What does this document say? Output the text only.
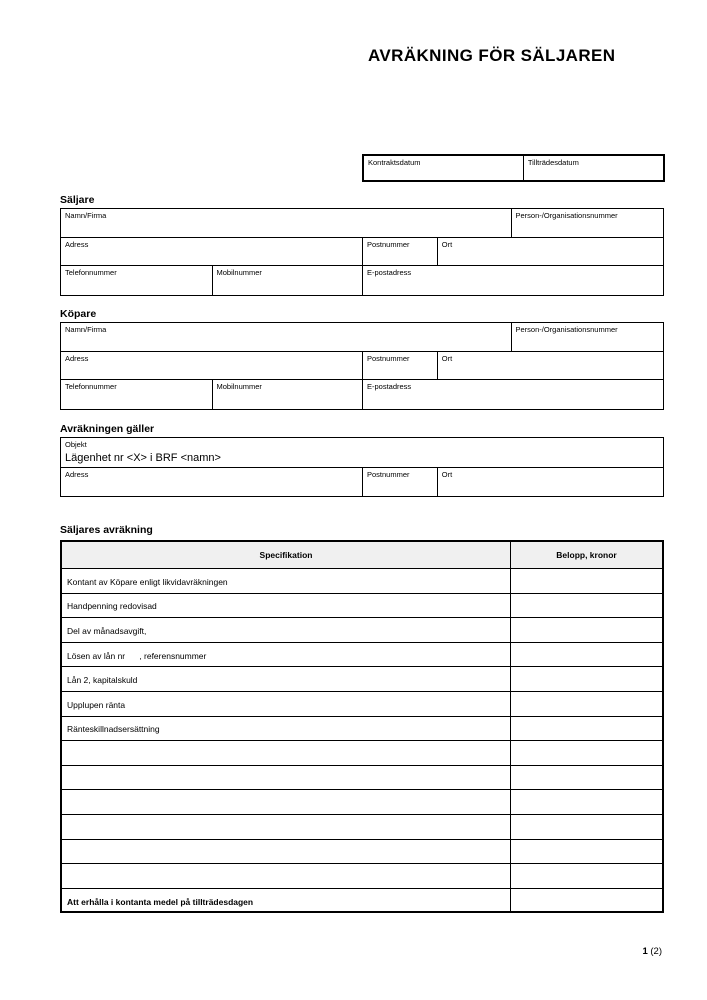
AVRÄKNING FÖR SÄLJAREN
Kontraktsdatum	Tillträdesdatum
Säljare
Namn/Firma	Person-/Organisationsnummer
Adress	Postnummer	Ort
Telefonnummer	Mobilnummer	E-postadress
Köpare
Namn/Firma	Person-/Organisationsnummer
Adress	Postnummer	Ort
Telefonnummer	Mobilnummer	E-postadress
Avräkningen gäller
Objekt
Lägenhet nr <X> i BRF <namn>
Adress	Postnummer	Ort
Säljares avräkning
Specifikation	Belopp, kronor
Kontant av Köpare enligt likvidavräkningen
Handpenning redovisad
Del av månadsavgift,
Lösen av lån nr      , referensnummer
Lån 2, kapitalskuld
Upplupen ränta
Ränteskillnadsersättning
Att erhålla i kontanta medel på tillträdesdagen
1 (2)
